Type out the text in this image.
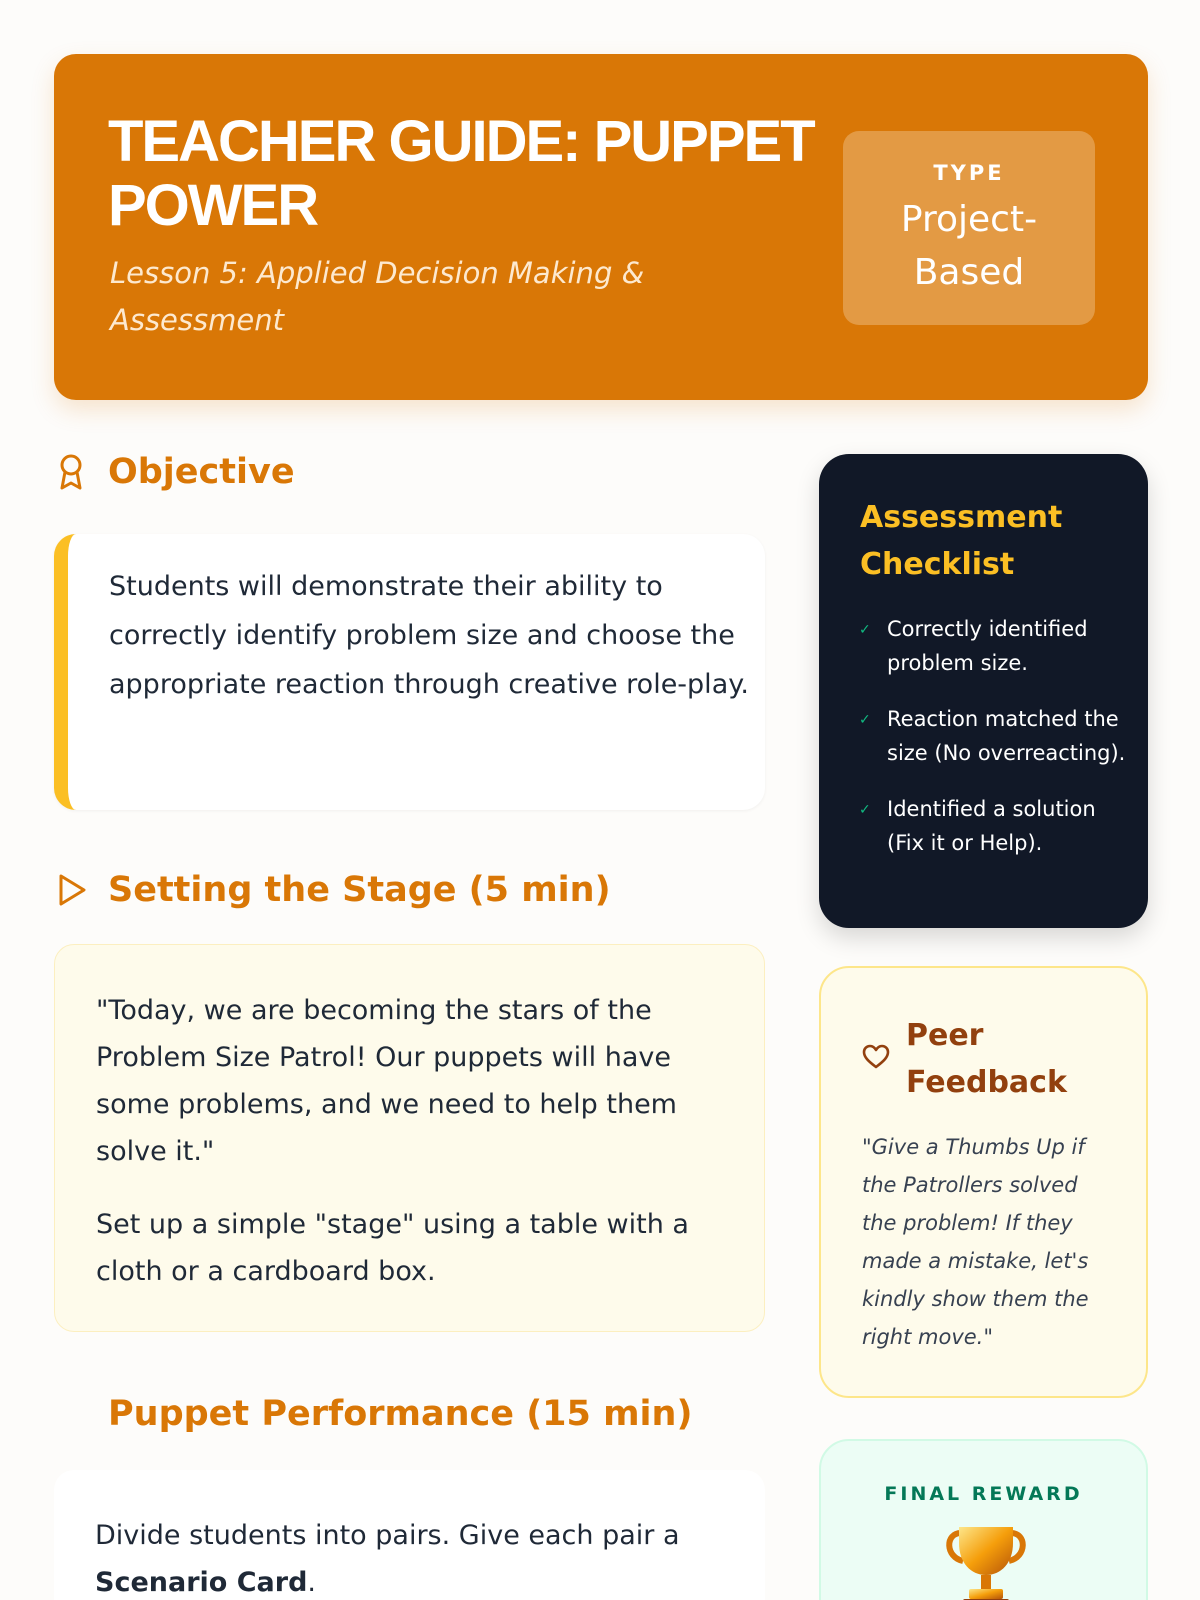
TEACHER GUIDE: PUPPET POWER
Lesson 5: Applied Decision Making & Assessment
TYPE
Project-Based
Objective

Students will demonstrate their ability to correctly identify problem size and choose the appropriate reaction through creative role-play.

Setting the Stage (5 min)

"Today, we are becoming the stars of the Problem Size Patrol! Our puppets will have some problems, and we need to help them solve it."

Set up a simple "stage" using a table with a cloth or a cardboard box.

Puppet Performance (15 min)

Divide students into pairs. Give each pair a Scenario Card.

Assessment Checklist
✓ Correctly identified problem size.
✓ Reaction matched the size (No overreacting).
✓ Identified a solution (Fix it or Help).
Peer Feedback

"Give a Thumbs Up if the Patrollers solved the problem! If they made a mistake, let's kindly show them the right move."

FINAL REWARD
